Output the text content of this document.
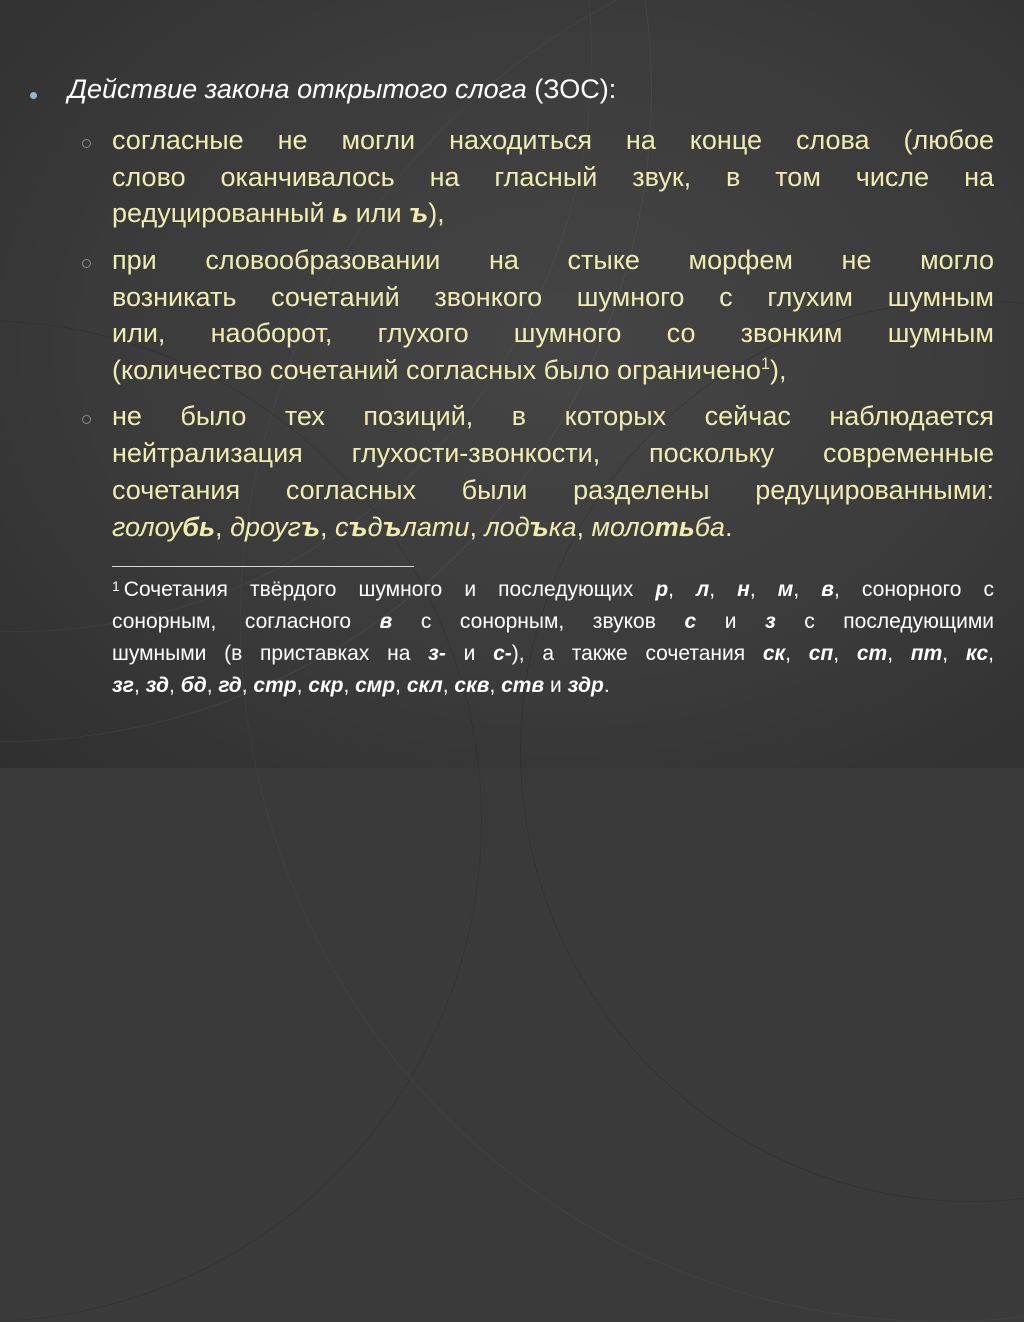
Действие закона открытого слога (ЗОС):
согласные не могли находиться на конце слова (любое
слово оканчивалось на гласный звук, в том числе на
редуцированный ь или ъ),
при словообразовании на стыке морфем не могло
возникать сочетаний звонкого шумного с глухим шумным
или, наоборот, глухого шумного со звонким шумным
(количество сочетаний согласных было ограничено$^1$),
не было тех позиций, в которых сейчас наблюдается
нейтрализация глухости-звонкости, поскольку современные
сочетания согласных были разделены редуцированными:
голоубь, дроугъ, съдълати, лодъка, молотьба.
$^1$ Сочетания твёрдого шумного и последующих р, л, н, м, в, сонорного с
сонорным, согласного в с сонорным, звуков с и з с последующими
шумными (в приставках на з- и с-), а также сочетания ск, сп, ст, пт, кс,
зг, зд, бд, гд, стр, скр, смр, скл, скв, ств и здр.
